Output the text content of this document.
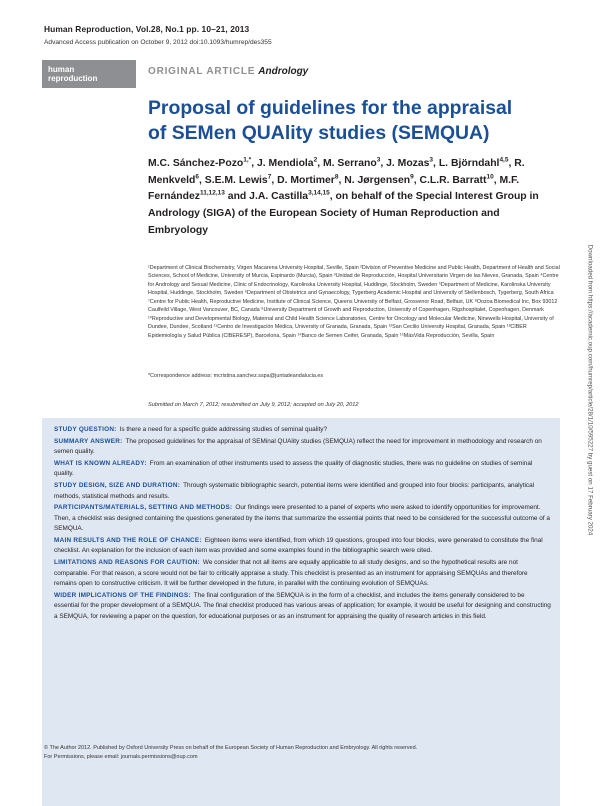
Human Reproduction, Vol.28, No.1 pp. 10–21, 2013
Advanced Access publication on October 9, 2012 doi:10.1093/humrep/des355
human
reproduction
ORIGINAL ARTICLE Andrology
Proposal of guidelines for the appraisal
of SEMen QUAlity studies (SEMQUA)
M.C. Sánchez-Pozo$^{1,*}$, J. Mendiola$^2$, M. Serrano$^3$, J. Mozas$^3$, L. Björndahl$^{4,5}$, R. Menkveld$^6$, S.E.M. Lewis$^7$, D. Mortimer$^8$, N. Jørgensen$^9$, C.L.R. Barratt$^{10}$, M.F. Fernández$^{11,12,13}$ and J.A. Castilla$^{3,14,15}$, on behalf of the Special Interest Group in Andrology (SIGA) of the European Society of Human Reproduction and Embryology
¹Department of Clinical Biochemistry, Virgen Macarena University Hospital, Seville, Spain ²Division of Preventive Medicine and Public Health, Department of Health and Social Sciences, School of Medicine, University of Murcia, Espinardo (Murcia), Spain ³Unidad de Reproducción, Hospital Universitario Virgen de las Nieves, Granada, Spain ⁴Centre for Andrology and Sexual Medicine, Clinic of Endocrinology, Karolinska University Hospital, Huddinge, Stockholm, Sweden ⁵Department of Medicine, Karolinska University Hospital, Huddinge, Stockholm, Sweden ⁶Department of Obstetrics and Gynaecology, Tygerberg Academic Hospital and University of Stellenbosch, Tygerberg, South Africa ⁷Centre for Public Health, Reproductive Medicine, Institute of Clinical Science, Queens University of Belfast, Grosvenor Road, Belfast, UK ⁸Oozoa Biomedical Inc, Box 93012 Caulfeild Village, West Vancouver, BC, Canada ⁹University Department of Growth and Reproduction, University of Copenhagen, Rigshospitalet, Copenhagen, Denmark ¹⁰Reproductive and Developmental Biology, Maternal and Child Health Science Laboratories, Centre for Oncology and Molecular Medicine, Ninewells Hospital, University of Dundee, Dundee, Scotland ¹¹Centro de Investigación Médica, University of Granada, Granada, Spain ¹²San Cecilio University Hospital, Granada, Spain ¹³CIBER Epidemiología y Salud Pública (CIBERESP), Barcelona, Spain ¹⁴Banco de Semen Ceifer, Granada, Spain ¹⁵MásVida Reproducción, Sevilla, Spain
*Correspondence address: mcristina.sanchez.sspa@juntadeandalucia.es
Submitted on March 7, 2012; resubmitted on July 9, 2012; accepted on July 20, 2012
STUDY QUESTION: Is there a need for a specific guide addressing studies of seminal quality?
SUMMARY ANSWER: The proposed guidelines for the appraisal of SEMinal QUAlity studies (SEMQUA) reflect the need for improvement in methodology and research on semen quality.
WHAT IS KNOWN ALREADY: From an examination of other instruments used to assess the quality of diagnostic studies, there was no guideline on studies of seminal quality.
STUDY DESIGN, SIZE AND DURATION: Through systematic bibliographic search, potential items were identified and grouped into four blocks: participants, analytical methods, statistical methods and results.
PARTICIPANTS/MATERIALS, SETTING AND METHODS: Our findings were presented to a panel of experts who were asked to identify opportunities for improvement. Then, a checklist was designed containing the questions generated by the items that summarize the essential points that need to be considered for the successful outcome of a SEMQUA.
MAIN RESULTS AND THE ROLE OF CHANCE: Eighteen items were identified, from which 19 questions, grouped into four blocks, were generated to constitute the final checklist. An explanation for the inclusion of each item was provided and some examples found in the bibliographic search were cited.
LIMITATIONS AND REASONS FOR CAUTION: We consider that not all items are equally applicable to all study designs, and so the hypothetical results are not comparable. For that reason, a score would not be fair to critically appraise a study. This checklist is presented as an instrument for appraising SEMQUAs and therefore remains open to constructive criticism. It will be further developed in the future, in parallel with the continuing evolution of SEMQUAs.
WIDER IMPLICATIONS OF THE FINDINGS: The final configuration of the SEMQUA is in the form of a checklist, and includes the items generally considered to be essential for the proper development of a SEMQUA. The final checklist produced has various areas of application; for example, it would be useful for designing and constructing a SEMQUA, for reviewing a paper on the question, for educational purposes or as an instrument for appraising the quality of research articles in this field.
© The Author 2012. Published by Oxford University Press on behalf of the European Society of Human Reproduction and Embryology. All rights reserved.
For Permissions, please email: journals.permissions@oup.com
Downloaded from https://academic.oup.com/humrep/article/28/1/10/595227 by guest on 17 February 2024
